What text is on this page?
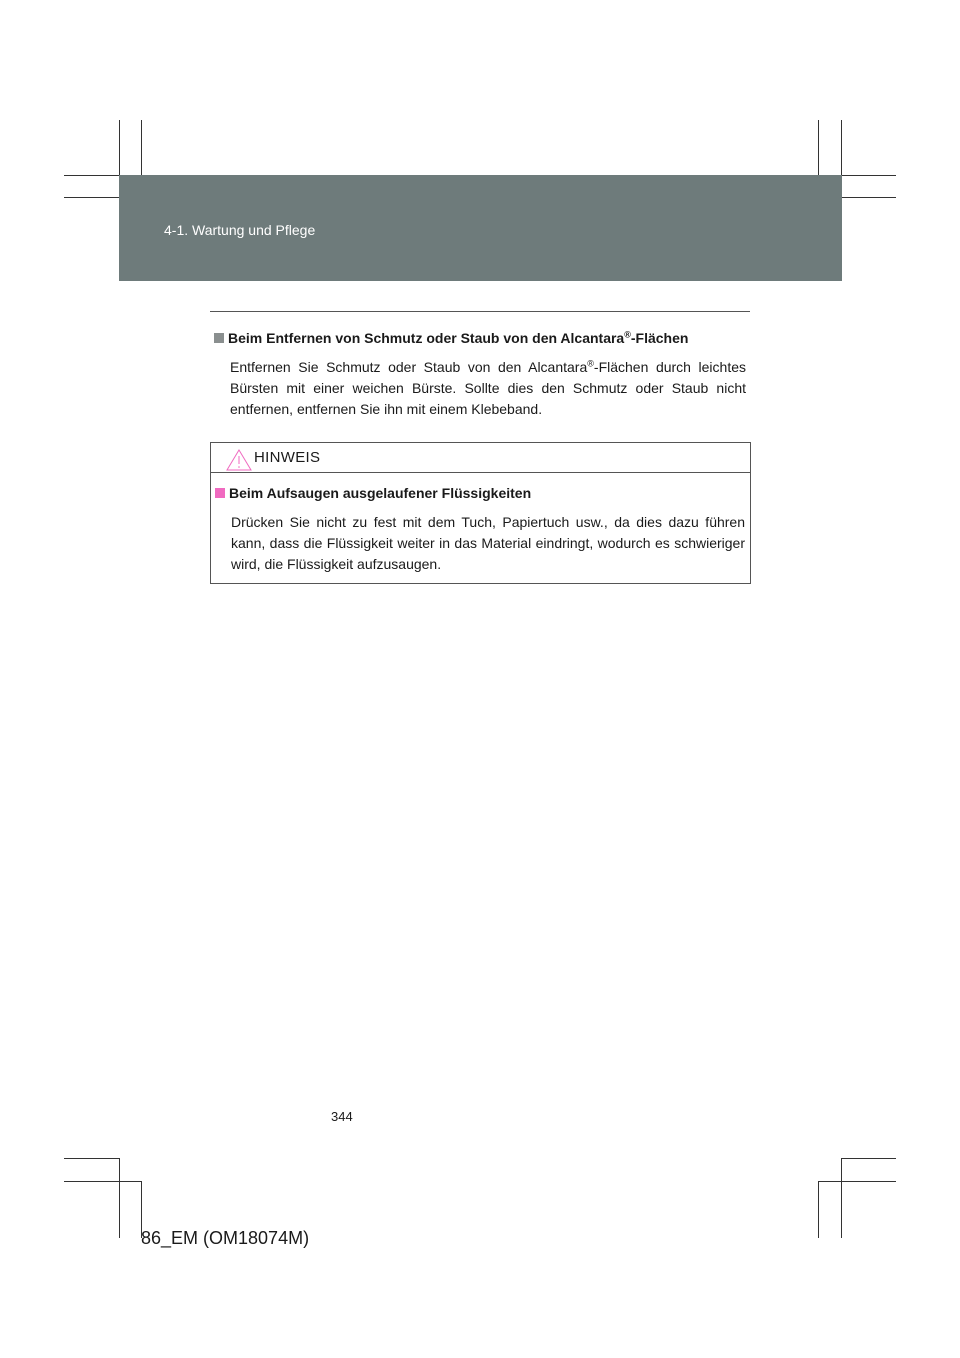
4-1. Wartung und Pflege
Beim Entfernen von Schmutz oder Staub von den Alcantara®-Flächen
Entfernen Sie Schmutz oder Staub von den Alcantara®-Flächen durch leichtes Bürsten mit einer weichen Bürste. Sollte dies den Schmutz oder Staub nicht entfernen, entfernen Sie ihn mit einem Klebeband.
HINWEIS
Beim Aufsaugen ausgelaufener Flüssigkeiten
Drücken Sie nicht zu fest mit dem Tuch, Papiertuch usw., da dies dazu führen kann, dass die Flüssigkeit weiter in das Material eindringt, wodurch es schwieriger wird, die Flüssigkeit aufzusaugen.
344
86_EM (OM18074M)
